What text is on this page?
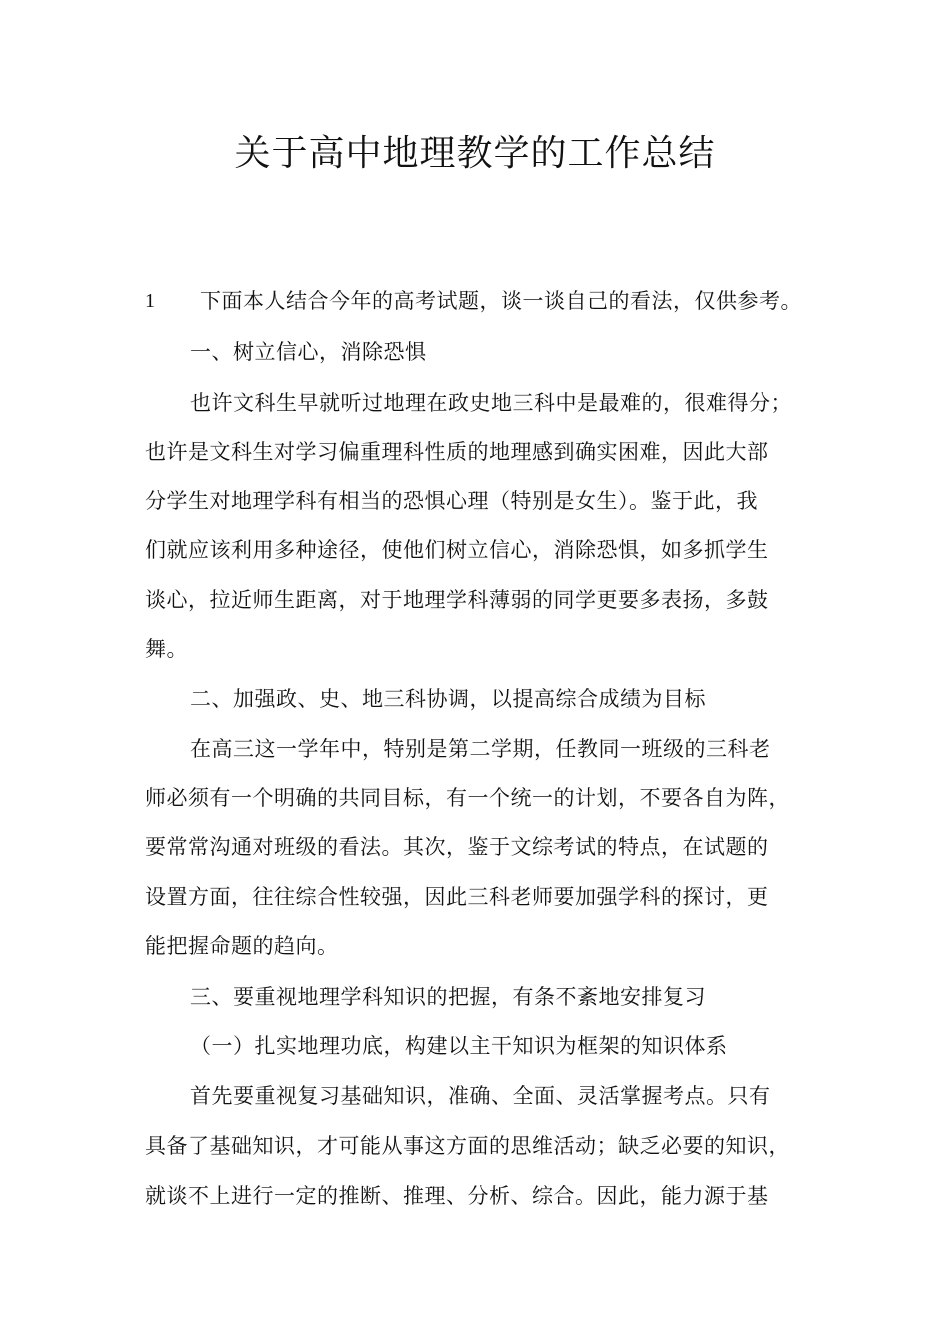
关于高中地理教学的工作总结
1 下面本人结合今年的高考试题，谈一谈自己的看法，仅供参考。
一、树立信心，消除恐惧
也许文科生早就听过地理在政史地三科中是最难的，很难得分；
也许是文科生对学习偏重理科性质的地理感到确实困难，因此大部
分学生对地理学科有相当的恐惧心理（特别是女生）。鉴于此，我
们就应该利用多种途径，使他们树立信心，消除恐惧，如多抓学生
谈心，拉近师生距离，对于地理学科薄弱的同学更要多表扬，多鼓
舞。
二、加强政、史、地三科协调，以提高综合成绩为目标
在高三这一学年中，特别是第二学期，任教同一班级的三科老
师必须有一个明确的共同目标，有一个统一的计划，不要各自为阵，
要常常沟通对班级的看法。其次，鉴于文综考试的特点，在试题的
设置方面，往往综合性较强，因此三科老师要加强学科的探讨，更
能把握命题的趋向。
三、要重视地理学科知识的把握，有条不紊地安排复习
（一）扎实地理功底，构建以主干知识为框架的知识体系
首先要重视复习基础知识，准确、全面、灵活掌握考点。只有
具备了基础知识，才可能从事这方面的思维活动；缺乏必要的知识，
就谈不上进行一定的推断、推理、分析、综合。因此，能力源于基
